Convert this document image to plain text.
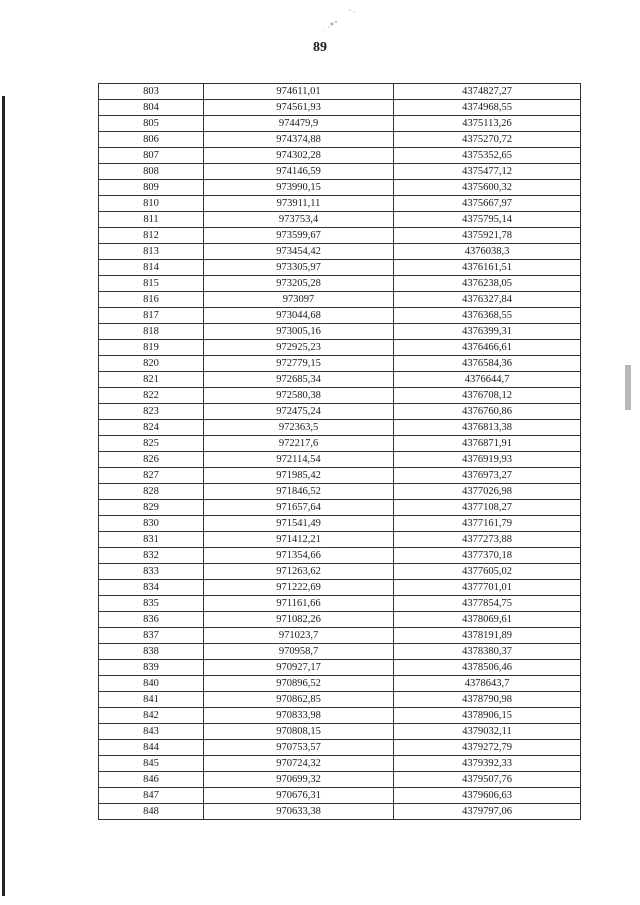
89
803	974611,01	4374827,27
804	974561,93	4374968,55
805	974479,9	4375113,26
806	974374,88	4375270,72
807	974302,28	4375352,65
808	974146,59	4375477,12
809	973990,15	4375600,32
810	973911,11	4375667,97
811	973753,4	4375795,14
812	973599,67	4375921,78
813	973454,42	4376038,3
814	973305,97	4376161,51
815	973205,28	4376238,05
816	973097	4376327,84
817	973044,68	4376368,55
818	973005,16	4376399,31
819	972925,23	4376466,61
820	972779,15	4376584,36
821	972685,34	4376644,7
822	972580,38	4376708,12
823	972475,24	4376760,86
824	972363,5	4376813,38
825	972217,6	4376871,91
826	972114,54	4376919,93
827	971985,42	4376973,27
828	971846,52	4377026,98
829	971657,64	4377108,27
830	971541,49	4377161,79
831	971412,21	4377273,88
832	971354,66	4377370,18
833	971263,62	4377605,02
834	971222,69	4377701,01
835	971161,66	4377854,75
836	971082,26	4378069,61
837	971023,7	4378191,89
838	970958,7	4378380,37
839	970927,17	4378506,46
840	970896,52	4378643,7
841	970862,85	4378790,98
842	970833,98	4378906,15
843	970808,15	4379032,11
844	970753,57	4379272,79
845	970724,32	4379392,33
846	970699,32	4379507,76
847	970676,31	4379606,63
848	970633,38	4379797,06
